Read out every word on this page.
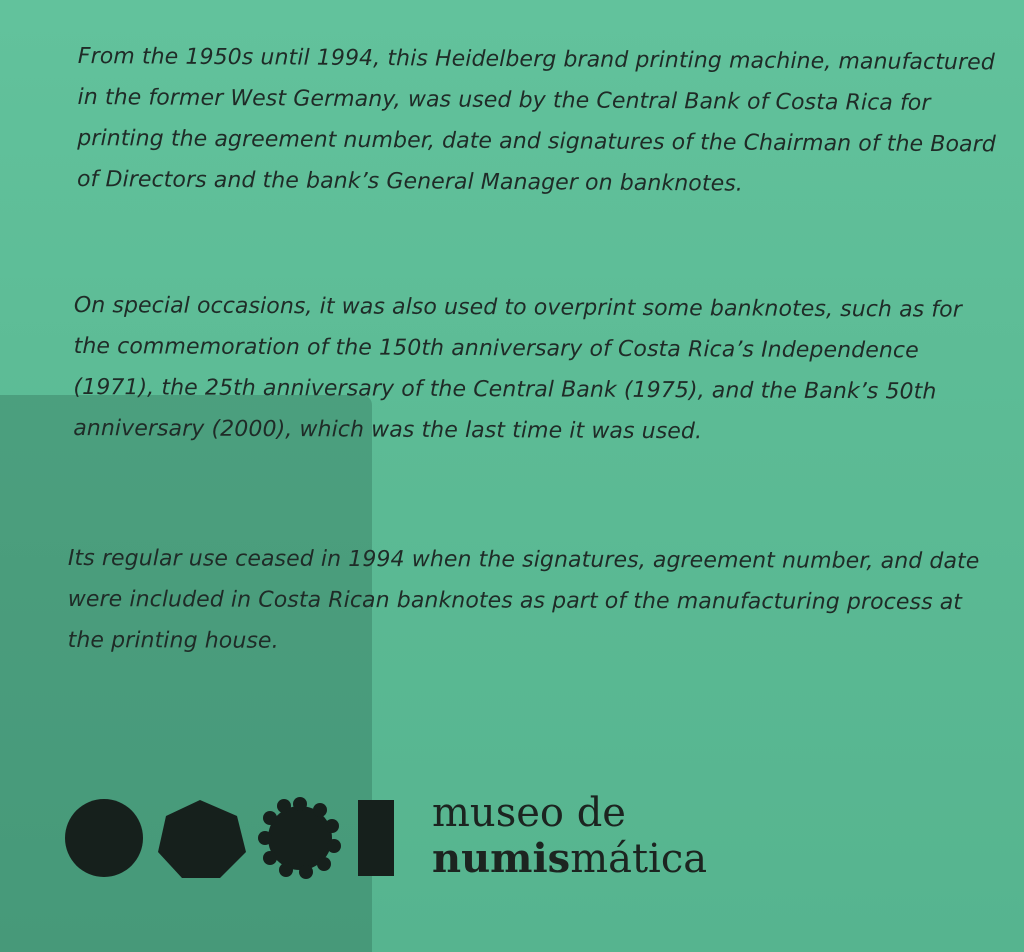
From the 1950s until 1994, this Heidelberg brand printing machine, manufactured in the former West Germany, was used by the Central Bank of Costa Rica for printing the agreement number, date and signatures of the Chairman of the Board of Directors and the bank’s General Manager on banknotes.

On special occasions, it was also used to overprint some banknotes, such as for the commemoration of the 150th anniversary of Costa Rica’s Independence (1971), the 25th anniversary of the Central Bank (1975), and the Bank’s 50th anniversary (2000), which was the last time it was used.

Its regular use ceased in 1994 when the signatures, agreement number, and date were included in Costa Rican banknotes as part of the manufacturing process at the printing house.

museo de
numismática
